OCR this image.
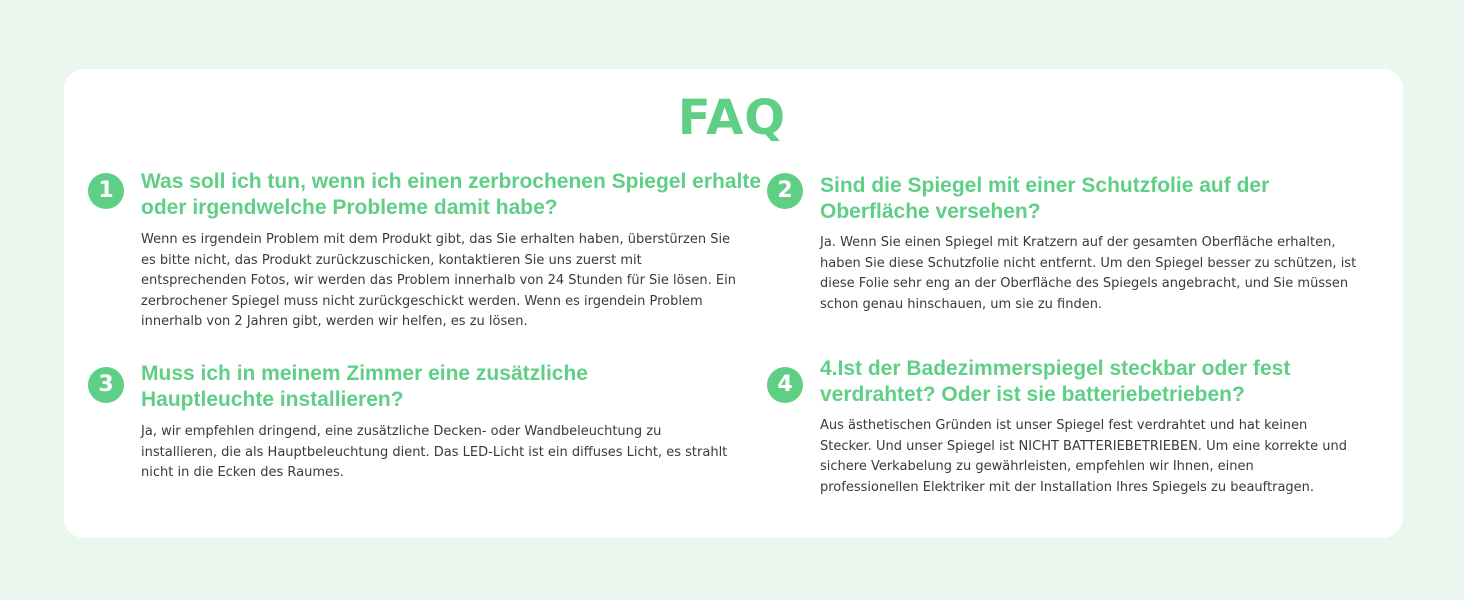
FAQ
1	Was soll ich tun, wenn ich einen zerbrochenen Spiegel erhalte oder irgendwelche Probleme damit habe?

Wenn es irgendein Problem mit dem Produkt gibt, das Sie erhalten haben, überstürzen Sie es bitte nicht, das Produkt zurückzuschicken, kontaktieren Sie uns zuerst mit entsprechenden Fotos, wir werden das Problem innerhalb von 24 Stunden für Sie lösen. Ein zerbrochener Spiegel muss nicht zurückgeschickt werden. Wenn es irgendein Problem innerhalb von 2 Jahren gibt, werden wir helfen, es zu lösen.

2	Sind die Spiegel mit einer Schutzfolie auf der Oberfläche versehen?

Ja. Wenn Sie einen Spiegel mit Kratzern auf der gesamten Oberfläche erhalten, haben Sie diese Schutzfolie nicht entfernt. Um den Spiegel besser zu schützen, ist diese Folie sehr eng an der Oberfläche des Spiegels angebracht, und Sie müssen schon genau hinschauen, um sie zu finden.

3	Muss ich in meinem Zimmer eine zusätzliche Hauptleuchte installieren?

Ja, wir empfehlen dringend, eine zusätzliche Decken- oder Wandbeleuchtung zu installieren, die als Hauptbeleuchtung dient. Das LED-Licht ist ein diffuses Licht, es strahlt nicht in die Ecken des Raumes.

4

4.Ist der Badezimmerspiegel steckbar oder fest verdrahtet? Oder ist sie batteriebetrieben?

Aus ästhetischen Gründen ist unser Spiegel fest verdrahtet und hat keinen Stecker. Und unser Spiegel ist NICHT BATTERIEBETRIEBEN. Um eine korrekte und sichere Verkabelung zu gewährleisten, empfehlen wir Ihnen, einen professionellen Elektriker mit der Installation Ihres Spiegels zu beauftragen.
